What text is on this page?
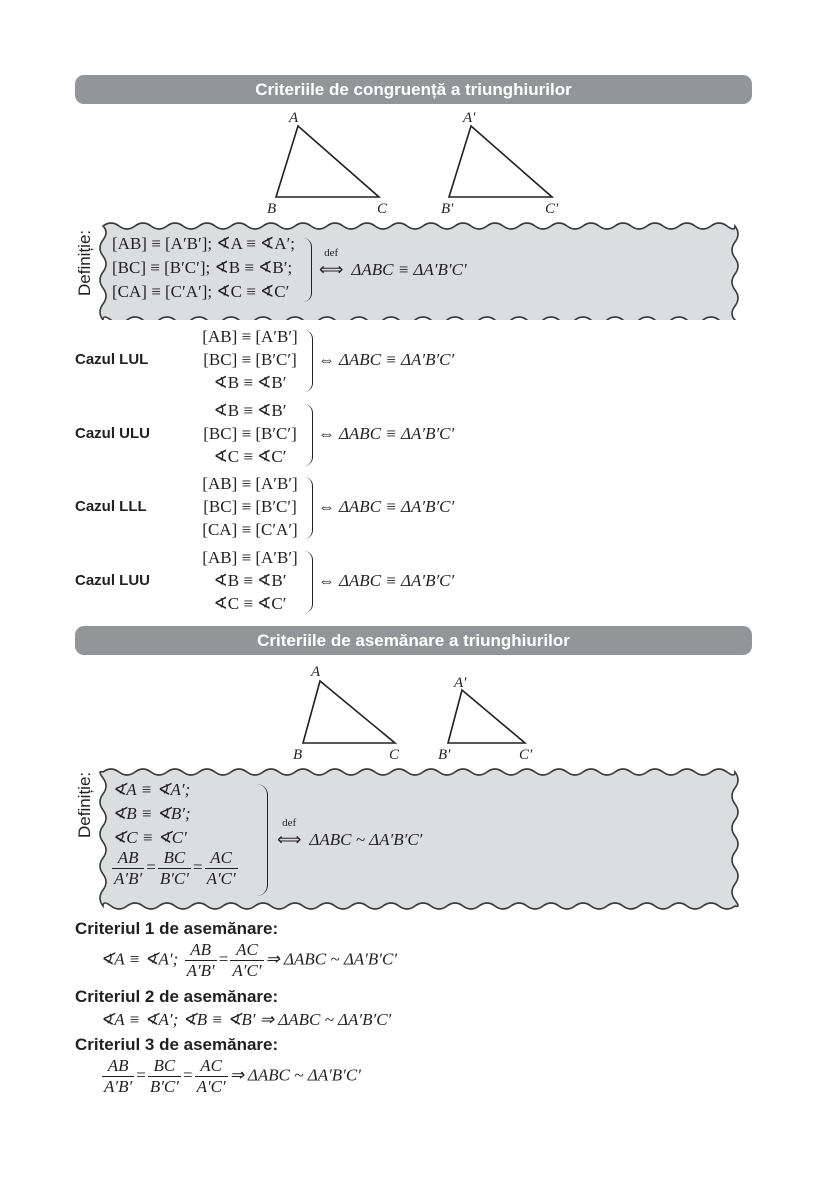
Criteriile de congruență a triunghiurilor
A
B	C
A′
B′	C′
[AB] ≡ [A′B′]; ∢A ≡ ∢A′;
[BC] ≡ [B′C′]; ∢B ≡ ∢B′;
[CA] ≡ [C′A′]; ∢C ≡ ∢C′
def
⟺ ΔABC ≡ ΔA′B′C′
Definiție:
Cazul LUL
[AB] ≡ [A′B′]
[BC] ≡ [B′C′]
∢B ≡ ∢B′
⇔ ΔABC ≡ ΔA′B′C′
Cazul ULU
∢B ≡ ∢B′
[BC] ≡ [B′C′]
∢C ≡ ∢C′
⇔ ΔABC ≡ ΔA′B′C′
Cazul LLL
[AB] ≡ [A′B′]
[BC] ≡ [B′C′]
[CA] ≡ [C′A′]
⇔ ΔABC ≡ ΔA′B′C′
Cazul LUU
[AB] ≡ [A′B′]
∢B ≡ ∢B′
∢C ≡ ∢C′
⇔ ΔABC ≡ ΔA′B′C′
Criteriile de asemănare a triunghiurilor
A
B	C
A′
B′	C′
∢A ≡ ∢A′;
∢B ≡ ∢B′;
∢C ≡ ∢C′
$\frac{AB}{A'B'} = \frac{BC}{B'C'} = \frac{AC}{A'C'}$
def
⟺ ΔABC ~ ΔA′B′C′
Definiție:
Criteriul 1 de asemănare:
∢A ≡ ∢A′; $\frac{AB}{A'B'} = \frac{AC}{A'C'}$ ⇒ ΔABC ~ ΔA′B′C′
Criteriul 2 de asemănare:
∢A ≡ ∢A′; ∢B ≡ ∢B′ ⇒ ΔABC ~ ΔA′B′C′
Criteriul 3 de asemănare:
$\frac{AB}{A'B'} = \frac{BC}{B'C'} = \frac{AC}{A'C'}$ ⇒ ΔABC ~ ΔA′B′C′
